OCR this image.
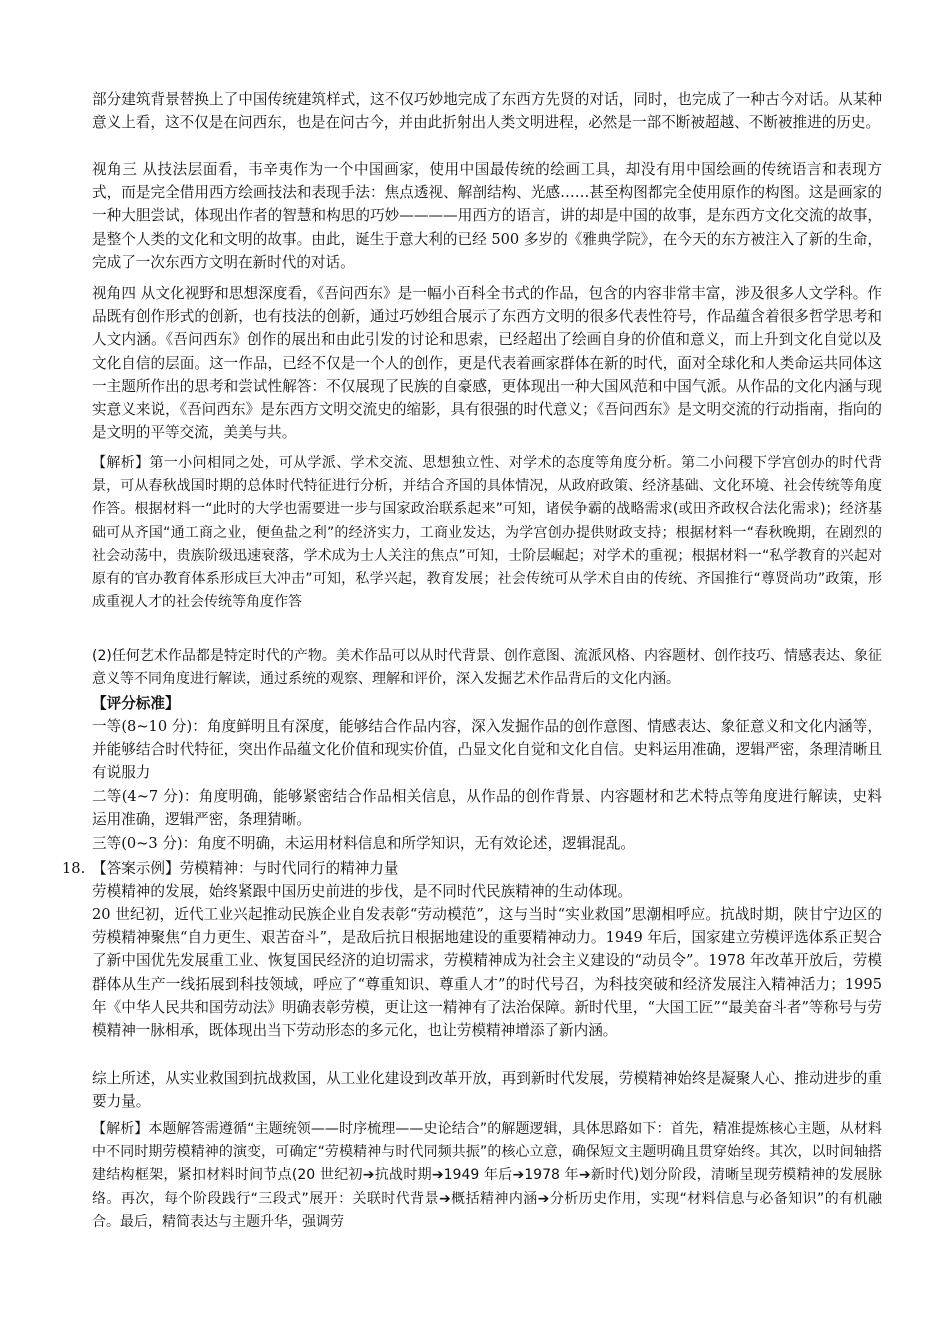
部分建筑背景替换上了中国传统建筑样式，这不仅巧妙地完成了东西方先贤的对话，同时，也完成了一种古今对话。从某种意义上看，这不仅是在问西东，也是在问古今，并由此折射出人类文明进程，必然是一部不断被超越、不断被推进的历史。

视角三 从技法层面看，韦辛夷作为一个中国画家，使用中国最传统的绘画工具，却没有用中国绘画的传统语言和表现方式，而是完全借用西方绘画技法和表现手法：焦点透视、解剖结构、光感……甚至构图都完全使用原作的构图。这是画家的一种大胆尝试，体现出作者的智慧和构思的巧妙————用西方的语言，讲的却是中国的故事，是东西方文化交流的故事，是整个人类的文化和文明的故事。由此，诞生于意大利的已经 500 多岁的《雅典学院》，在今天的东方被注入了新的生命，完成了一次东西方文明在新时代的对话。

视角四 从文化视野和思想深度看，《吾问西东》是一幅小百科全书式的作品，包含的内容非常丰富，涉及很多人文学科。作品既有创作形式的创新，也有技法的创新，通过巧妙组合展示了东西方文明的很多代表性符号，作品蕴含着很多哲学思考和人文内涵。《吾问西东》创作的展出和由此引发的讨论和思索，已经超出了绘画自身的价值和意义，而上升到文化自觉以及文化自信的层面。这一作品，已经不仅是一个人的创作，更是代表着画家群体在新的时代，面对全球化和人类命运共同体这一主题所作出的思考和尝试性解答：不仅展现了民族的自豪感，更体现出一种大国风范和中国气派。从作品的文化内涵与现实意义来说，《吾问西东》是东西方文明交流史的缩影，具有很强的时代意义；《吾问西东》是文明交流的行动指南，指向的是文明的平等交流，美美与共。

【解析】第一小问相同之处，可从学派、学术交流、思想独立性、对学术的态度等角度分析。第二小问稷下学宫创办的时代背景，可从春秋战国时期的总体时代特征进行分析，并结合齐国的具体情况，从政府政策、经济基础、文化环境、社会传统等角度作答。根据材料一“此时的大学也需要进一步与国家政治联系起来”可知，诸侯争霸的战略需求(或田齐政权合法化需求)；经济基础可从齐国“通工商之业，便鱼盐之利”的经济实力，工商业发达，为学宫创办提供财政支持；根据材料一“春秋晚期，在剧烈的社会动荡中，贵族阶级迅速衰落，学术成为士人关注的焦点”可知，士阶层崛起；对学术的重视；根据材料一“私学教育的兴起对原有的官办教育体系形成巨大冲击”可知，私学兴起，教育发展；社会传统可从学术自由的传统、齐国推行“尊贤尚功”政策，形成重视人才的社会传统等角度作答

(2)任何艺术作品都是特定时代的产物。美术作品可以从时代背景、创作意图、流派风格、内容题材、创作技巧、情感表达、象征意义等不同角度进行解读，通过系统的观察、理解和评价，深入发掘艺术作品背后的文化内涵。

【评分标准】

一等(8~10 分)：角度鲜明且有深度，能够结合作品内容，深入发掘作品的创作意图、情感表达、象征意义和文化内涵等，并能够结合时代特征，突出作品蕴文化价值和现实价值，凸显文化自觉和文化自信。史料运用准确，逻辑严密，条理清晰且有说服力

二等(4~7 分)：角度明确，能够紧密结合作品相关信息，从作品的创作背景、内容题材和艺术特点等角度进行解读，史料运用准确，逻辑严密，条理猜晰。

三等(0~3 分)：角度不明确，未运用材料信息和所学知识，无有效论述，逻辑混乱。

18. 【答案示例】劳模精神：与时代同行的精神力量

劳模精神的发展，始终紧跟中国历史前进的步伐，是不同时代民族精神的生动体现。

20 世纪初，近代工业兴起推动民族企业自发表彰“劳动模范”，这与当时“实业救国”思潮相呼应。抗战时期，陕甘宁边区的劳模精神聚焦“自力更生、艰苦奋斗”，是敌后抗日根据地建设的重要精神动力。1949 年后，国家建立劳模评选体系正契合了新中国优先发展重工业、恢复国民经济的迫切需求，劳模精神成为社会主义建设的“动员令”。1978 年改革开放后，劳模群体从生产一线拓展到科技领域，呼应了“尊重知识、尊重人才”的时代号召，为科技突破和经济发展注入精神活力；1995 年《中华人民共和国劳动法》明确表彰劳模，更让这一精神有了法治保障。新时代里，“大国工匠”“最美奋斗者”等称号与劳模精神一脉相承，既体现出当下劳动形态的多元化，也让劳模精神增添了新内涵。

综上所述，从实业救国到抗战救国，从工业化建设到改革开放，再到新时代发展，劳模精神始终是凝聚人心、推动进步的重要力量。

【解析】本题解答需遵循“主题统领——时序梳理——史论结合”的解题逻辑，具体思路如下：首先，精准提炼核心主题，从材料中不同时期劳模精神的演变，可确定“劳模精神与时代同频共振”的核心立意，确保短文主题明确且贯穿始终。其次，以时间轴搭建结构框架，紧扣材料时间节点(20 世纪初➔抗战时期➔1949 年后➔1978 年➔新时代)划分阶段，清晰呈现劳模精神的发展脉络。再次，每个阶段践行“三段式”展开：关联时代背景➔概括精神内涵➔分析历史作用，实现“材料信息与必备知识”的有机融合。最后，精简表达与主题升华，强调劳
